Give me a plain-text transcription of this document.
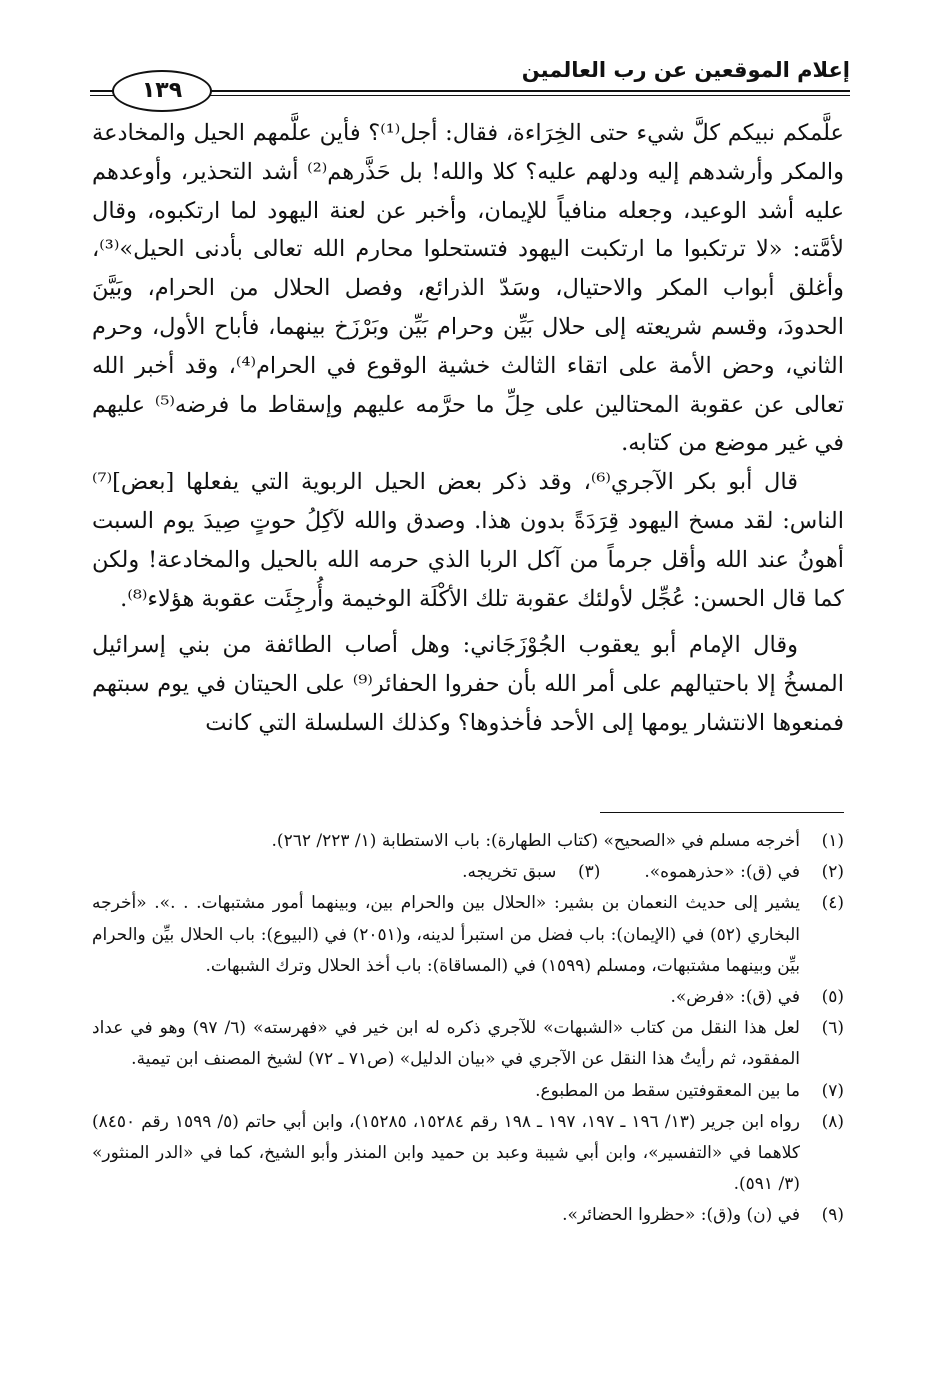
إعلام الموقعين عن رب العالمين
١٣٩

علَّمكم نبيكم كلَّ شيء حتى الخِرَاءة، فقال: أجل⁽¹⁾؟ فأين علَّمهم الحيل والمخادعة والمكر وأرشدهم إليه ودلهم عليه؟ كلا والله! بل حَذَّرهم⁽²⁾ أشد التحذير، وأوعدهم عليه أشد الوعيد، وجعله منافياً للإيمان، وأخبر عن لعنة اليهود لما ارتكبوه، وقال لأمَّته: «لا ترتكبوا ما ارتكبت اليهود فتستحلوا محارم الله تعالى بأدنى الحيل»⁽³⁾، وأغلق أبواب المكر والاحتيال، وسَدّ الذرائع، وفصل الحلال من الحرام، وبَيَّنَ الحدودَ، وقسم شريعته إلى حلال بَيِّن وحرام بَيِّن وبَرْزَخ بينهما، فأباح الأول، وحرم الثاني، وحض الأمة على اتقاء الثالث خشية الوقوع في الحرام⁽⁴⁾، وقد أخبر الله تعالى عن عقوبة المحتالين على حِلِّ ما حرَّمه عليهم وإسقاط ما فرضه⁽⁵⁾ عليهم في غير موضع من كتابه.

قال أبو بكر الآجري⁽⁶⁾، وقد ذكر بعض الحيل الربوية التي يفعلها [بعض]⁽⁷⁾ الناس: لقد مسخ اليهود قِرَدَةً بدون هذا. وصدق والله لآكِلُ حوتٍ صِيدَ يوم السبت أهونُ عند الله وأقل جرماً من آكل الربا الذي حرمه الله بالحيل والمخادعة! ولكن كما قال الحسن: عُجِّل لأولئك عقوبة تلك الأكْلَة الوخيمة وأُرجِئَت عقوبة هؤلاء⁽⁸⁾.

وقال الإمام أبو يعقوب الجُوْزَجَاني: وهل أصاب الطائفة من بني إسرائيل المسخُ إلا باحتيالهم على أمر الله بأن حفروا الحفائر⁽⁹⁾ على الحيتان في يوم سبتهم فمنعوها الانتشار يومها إلى الأحد فأخذوها؟ وكذلك السلسلة التي كانت

(١)
أخرجه مسلم في «الصحيح» (كتاب الطهارة): باب الاستطابة (١/ ٢٢٣/ ٢٦٢).
(٢)
في (ق): «حذرهموه».
(٣)
سبق تخريجه.
(٤)
يشير إلى حديث النعمان بن بشير: «الحلال بين والحرام بين، وبينهما أمور مشتبهات. . .». «أخرجه البخاري (٥٢) في (الإيمان): باب فضل من استبرأ لدينه، و(٢٠٥١) في (البيوع): باب الحلال بيِّن والحرام بيِّن وبينهما مشتبهات، ومسلم (١٥٩٩) في (المساقاة): باب أخذ الحلال وترك الشبهات.
(٥)
في (ق): «فرض».
(٦)
لعل هذا النقل من كتاب «الشبهات» للآجري ذكره له ابن خير في «فهرسته» (٦/ ٩٧) وهو في عداد المفقود، ثم رأيتُ هذا النقل عن الآجري في «بيان الدليل» (ص٧١ ـ ٧٢) لشيخ المصنف ابن تيمية.
(٧)
ما بين المعقوفتين سقط من المطبوع.
(٨)
رواه ابن جرير (١٣/ ١٩٦ ـ ١٩٧، ١٩٧ ـ ١٩٨ رقم ١٥٢٨٤، ١٥٢٨٥)، وابن أبي حاتم (٥/ ١٥٩٩ رقم ٨٤٥٠) كلاهما في «التفسير»، وابن أبي شيبة وعبد بن حميد وابن المنذر وأبو الشيخ، كما في «الدر المنثور» (٣/ ٥٩١).
(٩)
في (ن) و(ق): «حظروا الحضائر».
